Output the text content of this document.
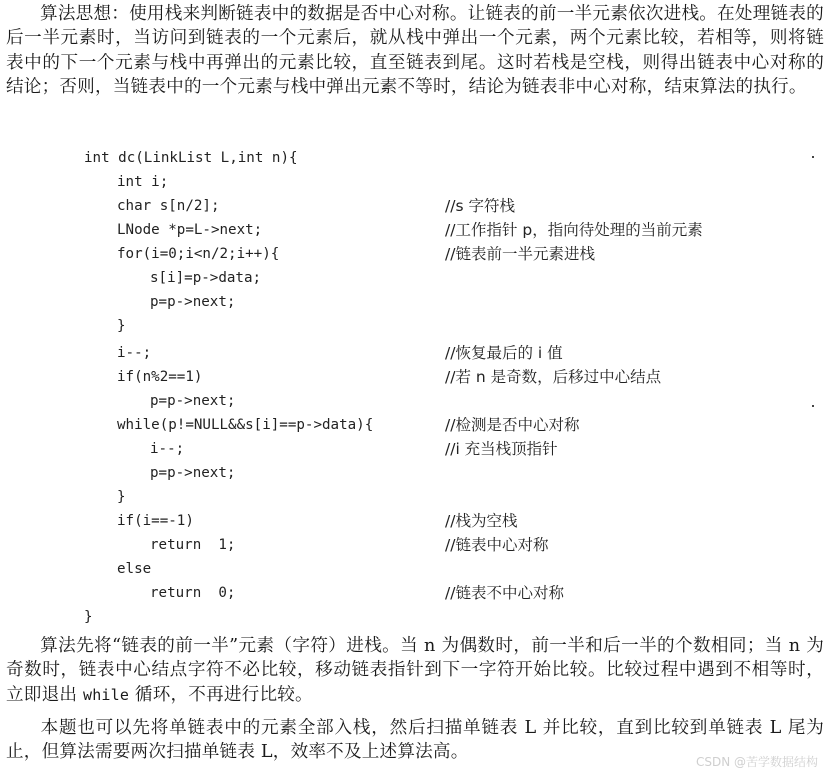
算法思想：使用栈来判断链表中的数据是否中心对称。让链表的前一半元素依次进栈。在处理链表的后一半元素时，当访问到链表的一个元素后，就从栈中弹出一个元素，两个元素比较，若相等，则将链表中的下一个元素与栈中再弹出的元素比较，直至链表到尾。这时若栈是空栈，则得出链表中心对称的结论；否则，当链表中的一个元素与栈中弹出元素不等时，结论为链表非中心对称，结束算法的执行。

int dc(LinkList L,int n){
int i;
char s[n/2];
LNode *p=L->next;
for(i=0;i<n/2;i++){
s[i]=p->data;
p=p->next;
}
i--;
if(n%2==1)
p=p->next;
while(p!=NULL&&s[i]==p->data){
i--;
p=p->next;
}
if(i==-1)
return  1;
else
return  0;
}
//s 字符栈
//工作指针 p，指向待处理的当前元素
//链表前一半元素进栈
//恢复最后的 i 值
//若 n 是奇数，后移过中心结点
//检测是否中心对称
//i 充当栈顶指针
//栈为空栈
//链表中心对称
//链表不中心对称

算法先将“链表的前一半”元素（字符）进栈。当 n 为偶数时，前一半和后一半的个数相同；当 n 为奇数时，链表中心结点字符不必比较，移动链表指针到下一字符开始比较。比较过程中遇到不相等时，立即退出 while 循环，不再进行比较。

本题也可以先将单链表中的元素全部入栈，然后扫描单链表 L 并比较，直到比较到单链表 L 尾为止，但算法需要两次扫描单链表 L，效率不及上述算法高。	CSDN @苦学数据结构
